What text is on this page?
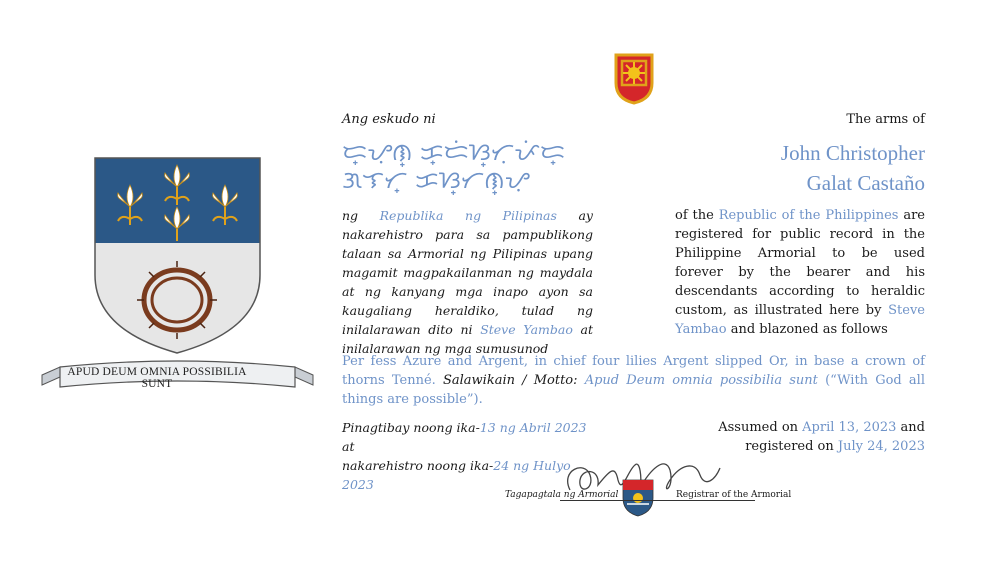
APUD DEUM OMNIA POSSIBILIA SUNT
Ang eskudo ni	The arms of
ᜇ᜔ᜌᜓᜈ᜔ ᜃ᜔ᜇᜒᜐ᜔ᜆᜓᜉᜒᜇ᜔
ᜄᜎᜆ᜔ ᜃᜐ᜔ᜆᜈ᜔ᜌᜓ
John Christopher
Galat Castaño
ng Republika ng Pilipinas ay nakarehistro para sa pampublikong talaan sa Armorial ng Pilipinas upang magamit magpakailanman ng maydala at ng kanyang mga inapo ayon sa kaugaliang heraldiko, tulad ng inilalarawan dito ni Steve Yambao at inilalarawan ng mga sumusunod
of the Republic of the Philippines are registered for public record in the Philippine Armorial to be used forever by the bearer and his descendants according to heraldic custom, as illustrated here by Steve Yambao and blazoned as follows
Per fess Azure and Argent, in chief four lilies Argent slipped Or, in base a crown of thorns Tenné. Salawikain / Motto: Apud Deum omnia possibilia sunt (“With God all things are possible”).
Pinagtibay noong ika-13 ng Abril 2023 at
nakarehistro noong ika-24 ng Hulyo 2023
Assumed on April 13, 2023 and
registered on July 24, 2023
Tagapagtala ng Armorial	Registrar of the Armorial
